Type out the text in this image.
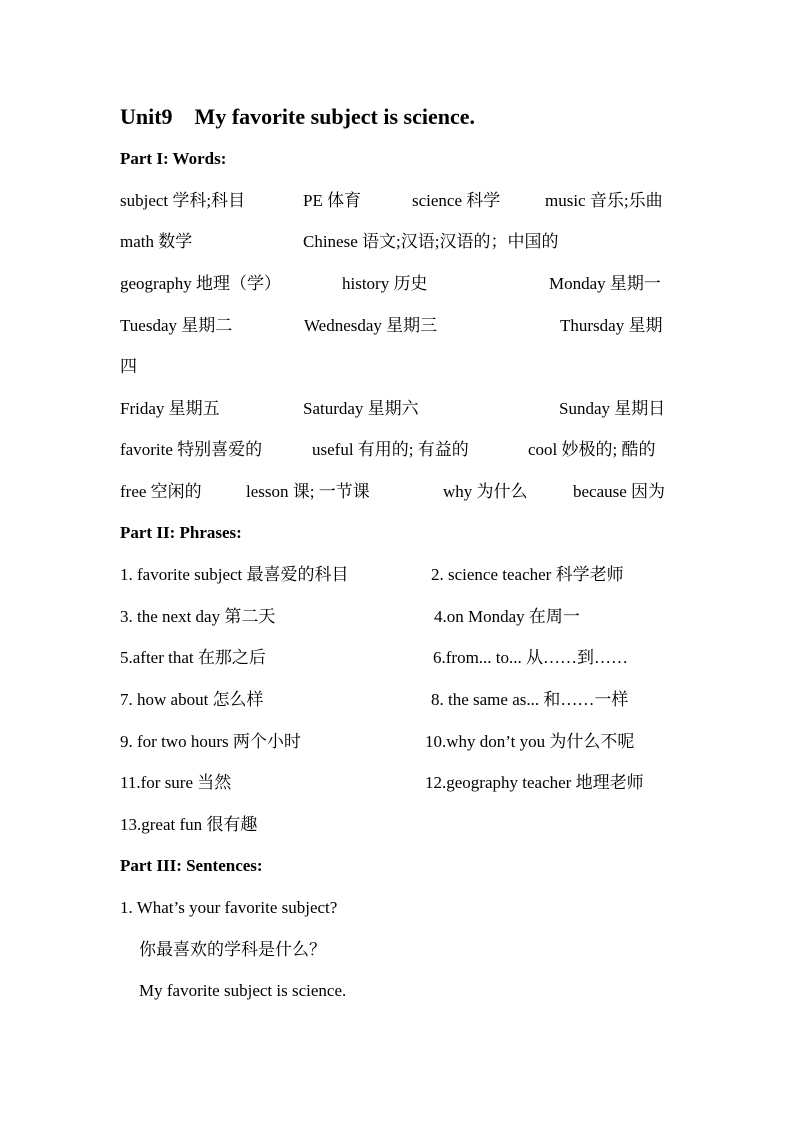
Unit9    My favorite subject is science.
Part I: Words:
subject 学科;科目	PE 体育	science 科学	music 音乐;乐曲
math 数学	Chinese 语文;汉语;汉语的；中国的
geography 地理（学）	history 历史	Monday 星期一
Tuesday 星期二	Wednesday 星期三	Thursday 星期
四
Friday 星期五	Saturday 星期六	Sunday 星期日
favorite 特别喜爱的	useful 有用的; 有益的	cool 妙极的; 酷的
free 空闲的	lesson 课; 一节课	why 为什么	because 因为
Part II: Phrases:
1. favorite subject 最喜爱的科目	2. science teacher 科学老师
3. the next day 第二天	4.on Monday 在周一
5.after that 在那之后	6.from... to... 从……到……
7. how about 怎么样	8. the same as... 和……一样
9. for two hours 两个小时	10.why don’t you 为什么不呢
11.for sure 当然	12.geography teacher 地理老师
13.great fun 很有趣
Part III: Sentences:
1. What’s your favorite subject?
你最喜欢的学科是什么？
My favorite subject is science.
